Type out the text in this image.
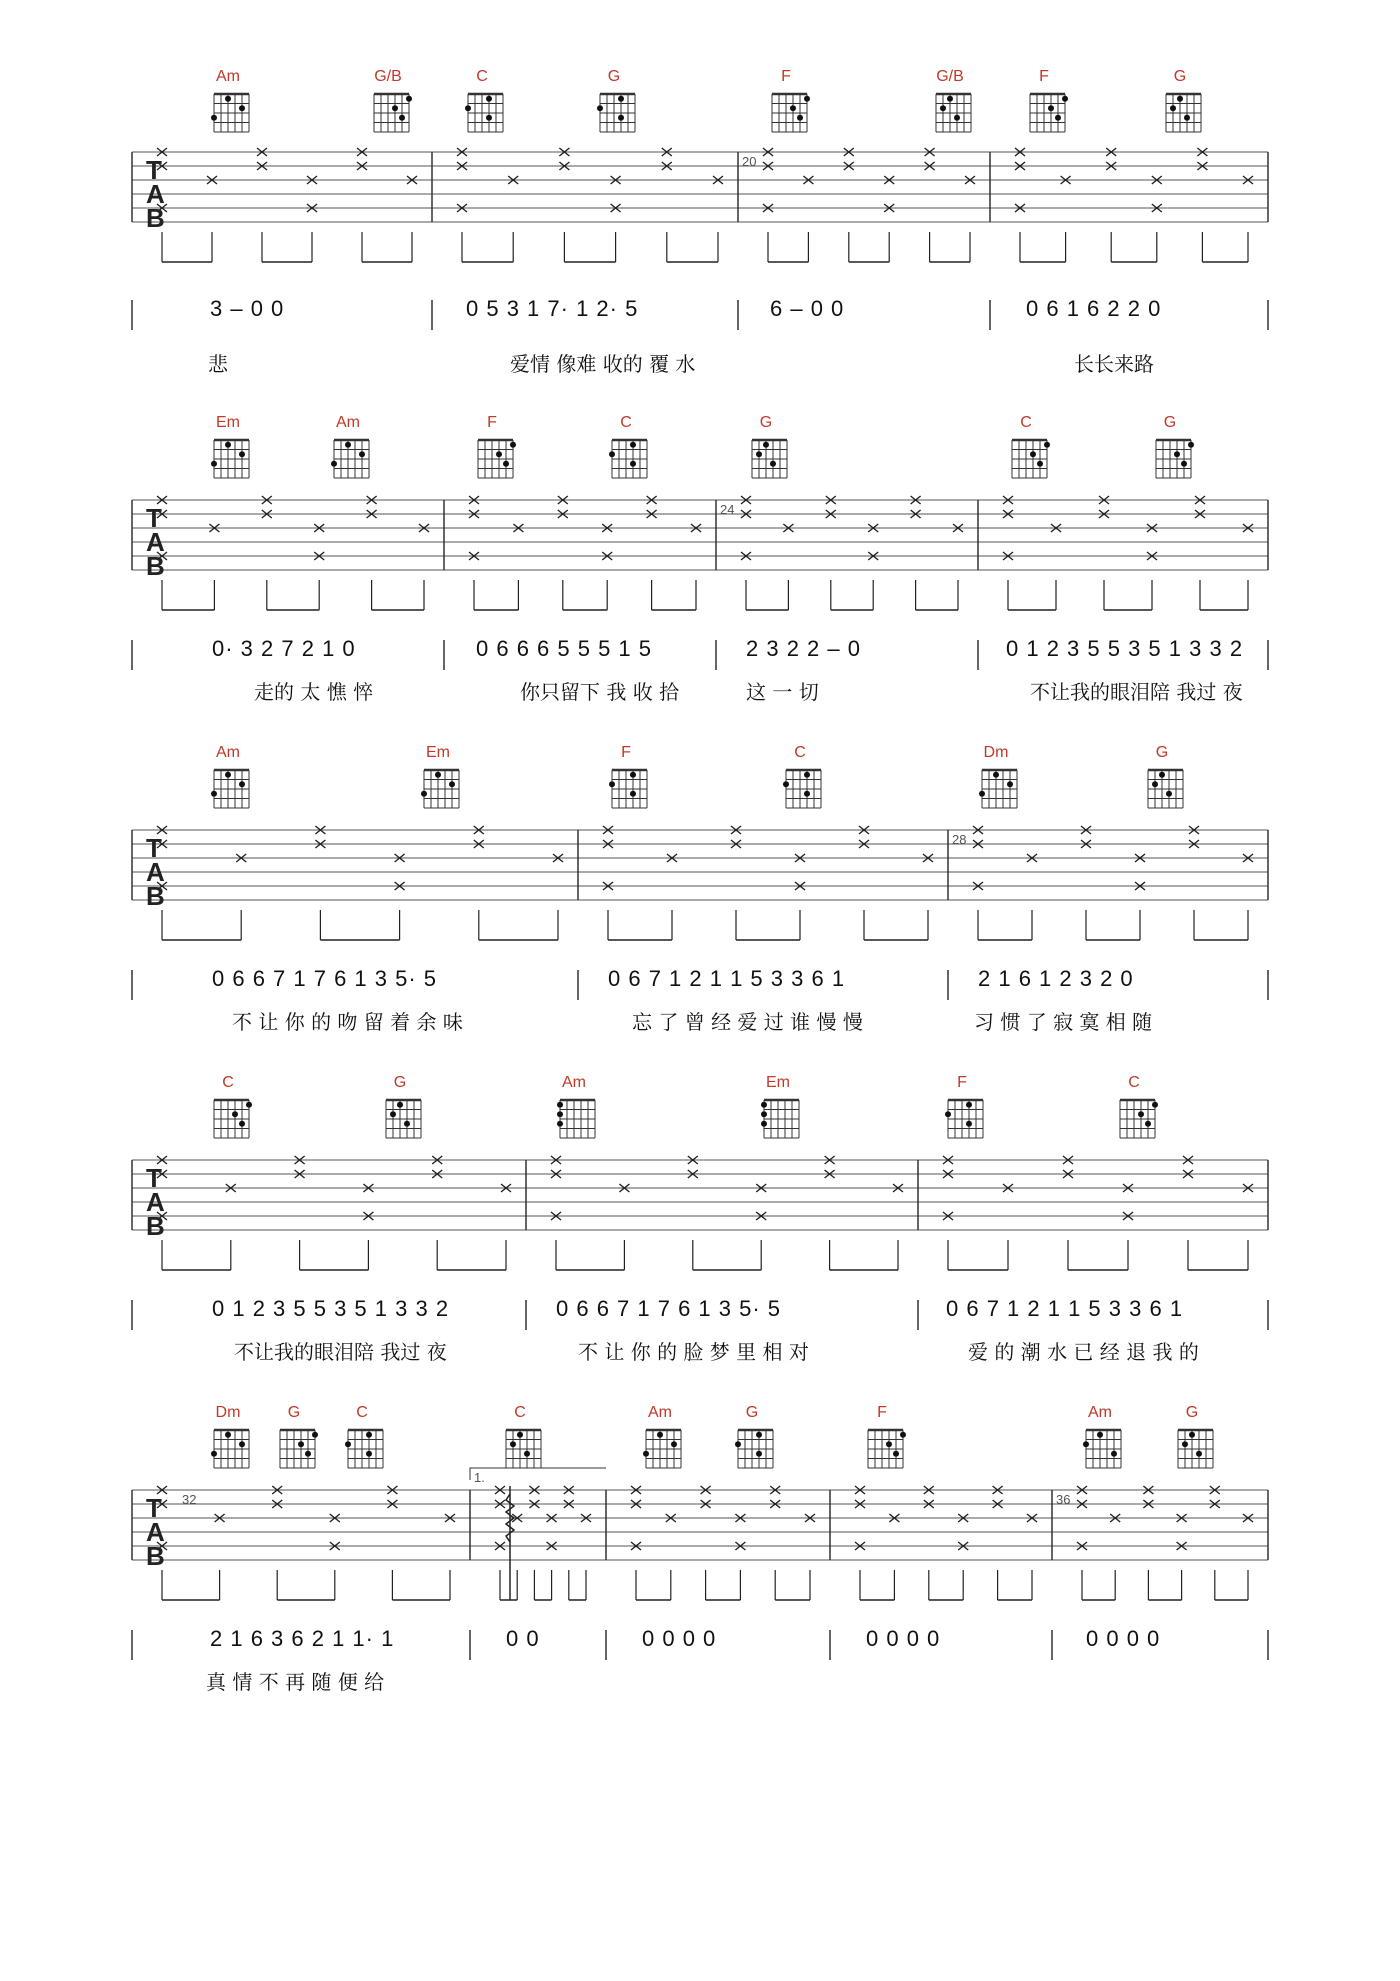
T
A
B
20
Am	G/B	C	G	F	G/B	F	G
3 – 0 0	0 5 3 1 7· 1 2· 5	6 – 0 0	0 6 1 6 2 2 0
悲	爱情 像难 收的 覆 水	长长来路
T
A
B
24
Em	Am	F	C	G	C	G
0· 3 2 7 2 1 0	0 6 6 6 5 5 5 1 5	2 3 2 2 – 0	0 1 2 3 5 5 3 5 1 3 3 2
走的 太 憔 悴	你只留下 我 收 拾	这 一 切	不让我的眼泪陪 我过 夜
T
A
B
28
Am	Em	F	C	Dm	G
0 6 6 7 1 7 6 1 3 5· 5	0 6 7 1 2 1 1 5 3 3 6 1	2 1 6 1 2 3 2 0
不 让 你 的 吻 留 着 余 味	忘 了 曾 经 爱 过 谁 慢 慢	习 惯 了 寂 寞 相 随
T
A
B
C	G	Am	Em	F	C
0 1 2 3 5 5 3 5 1 3 3 2	0 6 6 7 1 7 6 1 3 5· 5	0 6 7 1 2 1 1 5 3 3 6 1
不让我的眼泪陪 我过 夜	不 让 你 的 脸 梦 里 相 对	爱 的 潮 水 已 经 退 我 的
T
A
B
32	36
1.
Dm	G	C	C	Am	G	F	Am	G
2 1 6 3 6 2 1 1· 1	0 0	0 0 0 0	0 0 0 0	0 0 0 0
真 情 不 再 随 便 给
